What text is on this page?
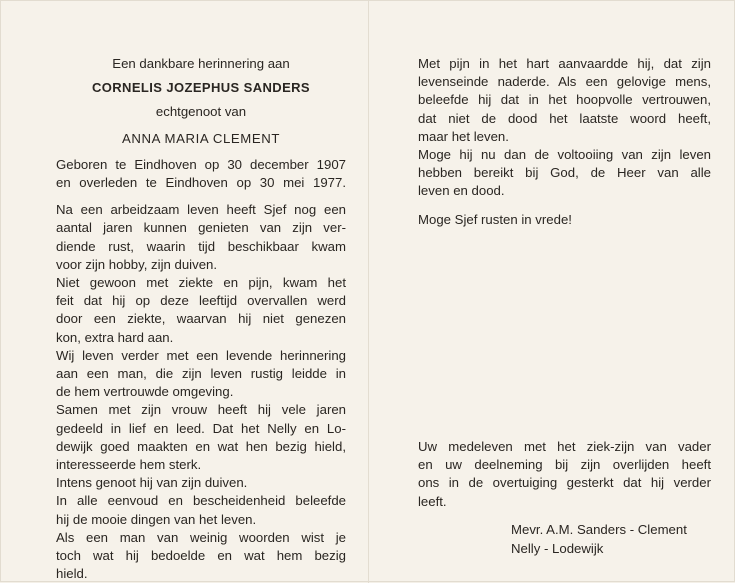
Een dankbare herinnering aan
CORNELIS JOZEPHUS SANDERS
echtgenoot van
ANNA MARIA CLEMENT
Geboren te Eindhoven op 30 december 1907
en overleden te Eindhoven op 30 mei 1977.
Na een arbeidzaam leven heeft Sjef nog een
aantal jaren kunnen genieten van zijn ver-
diende rust, waarin tijd beschikbaar kwam
voor zijn hobby, zijn duiven.
Niet gewoon met ziekte en pijn, kwam het
feit dat hij op deze leeftijd overvallen werd
door een ziekte, waarvan hij niet genezen
kon, extra hard aan.
Wij leven verder met een levende herinnering
aan een man, die zijn leven rustig leidde in
de hem vertrouwde omgeving.
Samen met zijn vrouw heeft hij vele jaren
gedeeld in lief en leed. Dat het Nelly en Lo-
dewijk goed maakten en wat hen bezig hield,
interesseerde hem sterk.
Intens genoot hij van zijn duiven.
In alle eenvoud en bescheidenheid beleefde
hij de mooie dingen van het leven.
Als een man van weinig woorden wist je
toch wat hij bedoelde en wat hem bezig
hield.
Met pijn in het hart aanvaardde hij, dat zijn
levenseinde naderde. Als een gelovige mens,
beleefde hij dat in het hoopvolle vertrouwen,
dat niet de dood het laatste woord heeft,
maar het leven.
Moge hij nu dan de voltooiing van zijn leven
hebben bereikt bij God, de Heer van alle
leven en dood.
Moge Sjef rusten in vrede!
Uw medeleven met het ziek-zijn van vader
en uw deelneming bij zijn overlijden heeft
ons in de overtuiging gesterkt dat hij verder
leeft.
Mevr. A.M. Sanders - Clement
Nelly - Lodewijk
